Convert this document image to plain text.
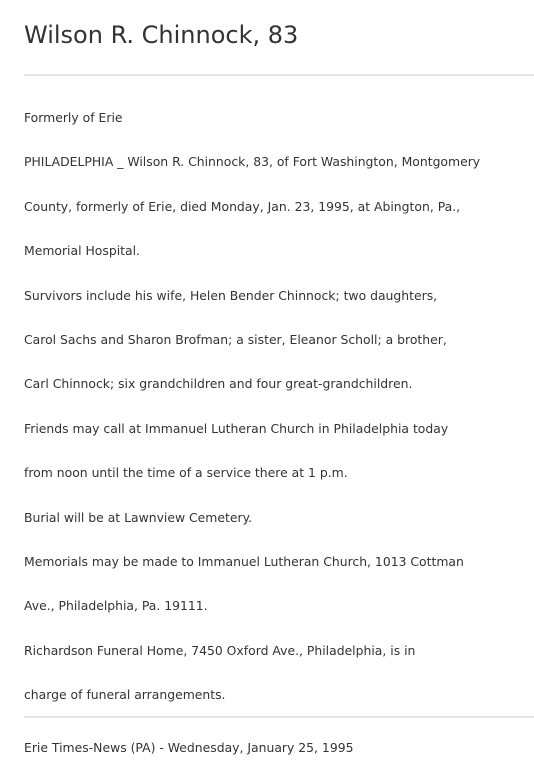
Wilson R. Chinnock, 83
Formerly of Erie
PHILADELPHIA _ Wilson R. Chinnock, 83, of Fort Washington, Montgomery
County, formerly of Erie, died Monday, Jan. 23, 1995, at Abington, Pa.,
Memorial Hospital.
Survivors include his wife, Helen Bender Chinnock; two daughters,
Carol Sachs and Sharon Brofman; a sister, Eleanor Scholl; a brother,
Carl Chinnock; six grandchildren and four great-grandchildren.
Friends may call at Immanuel Lutheran Church in Philadelphia today
from noon until the time of a service there at 1 p.m.
Burial will be at Lawnview Cemetery.
Memorials may be made to Immanuel Lutheran Church, 1013 Cottman
Ave., Philadelphia, Pa. 19111.
Richardson Funeral Home, 7450 Oxford Ave., Philadelphia, is in
charge of funeral arrangements.
Erie Times-News (PA) - Wednesday, January 25, 1995
